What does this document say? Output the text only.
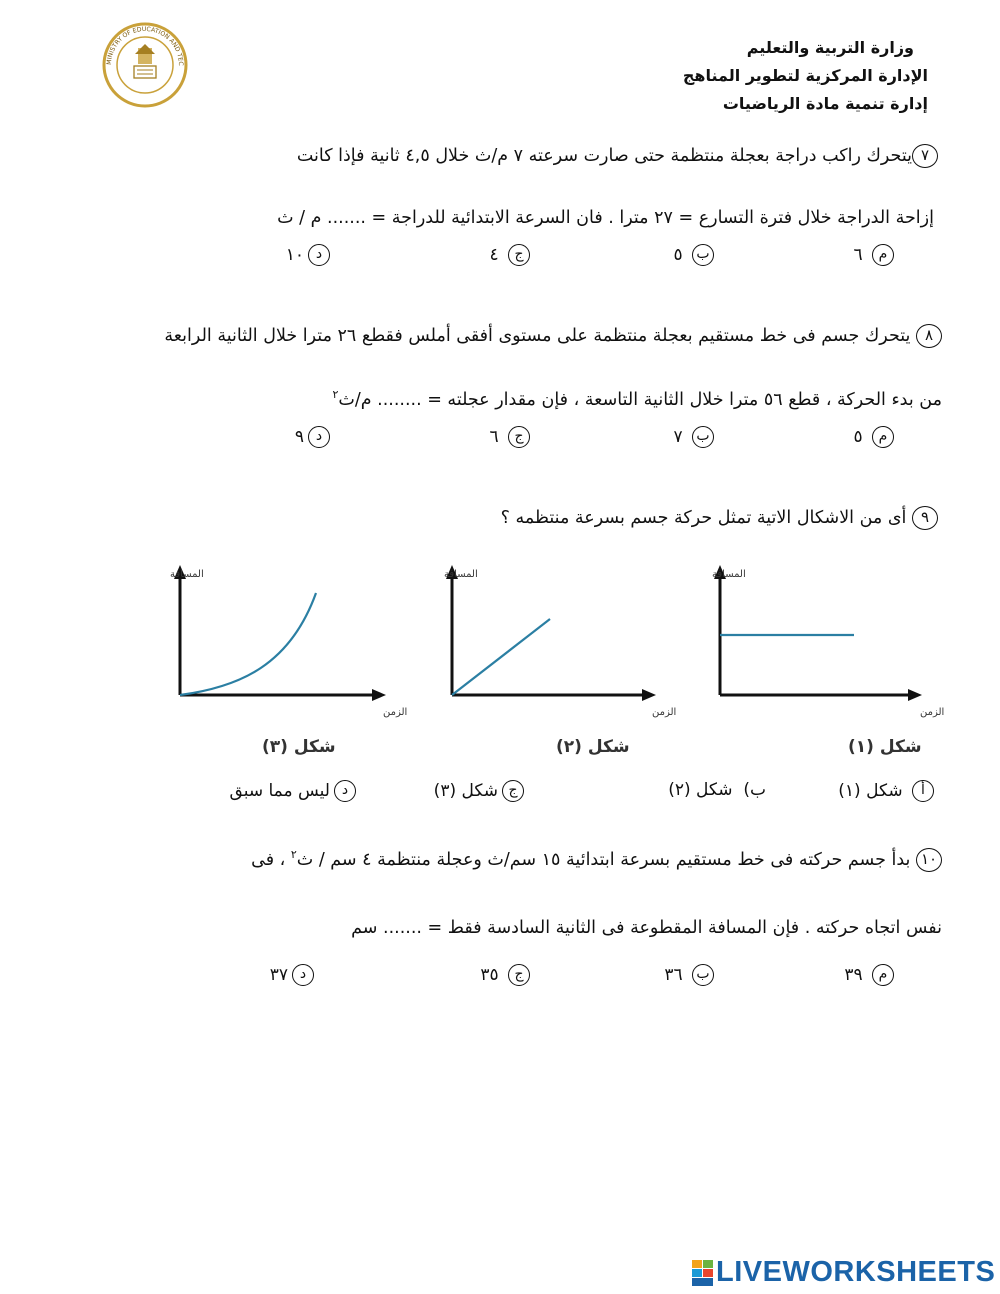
MINISTRY OF EDUCATION AND TEC
وزارة التربية والتعليم
الإدارة المركزية لتطوير المناهج
إدارة تنمية مادة الرياضيات
٧يتحرك راكب دراجة بعجلة منتظمة حتى صارت سرعته ٧ م/ث خلال ٤,٥ ثانية فإذا كانت
إزاحة الدراجة خلال فترة التسارع = ٢٧ مترا . فان السرعة الابتدائية للدراجة = ....... م / ث
م ٦
ب ٥
ج ٤
د١٠
٨ يتحرك جسم فى خط مستقيم بعجلة منتظمة على مستوى أفقى أملس فقطع ٢٦ مترا خلال الثانية الرابعة
من بدء الحركة ، قطع ٥٦ مترا خلال الثانية التاسعة ، فإن مقدار عجلته = ........ م/ث$^٢$
م ٥
ب ٧
ج ٦
د٩
٩ أى من الاشكال الاتية تمثل حركة جسم بسرعة منتظمه ؟
المسافة
الزمن
المسافة
الزمن
المسافة
الزمن
شكل (٣)	شكل (٢)	شكل (١)
أ شكل (١)
ب)  شكل (٢)
جشكل (٣)
دليس مما سبق
١٠ بدأ جسم حركته فى خط مستقيم بسرعة ابتدائية ١٥ سم/ث وعجلة منتظمة ٤ سم / ث$^٢$ ، فى
نفس اتجاه حركته . فإن المسافة المقطوعة فى الثانية السادسة فقط = ....... سم
م ٣٩
ب ٣٦
ج ٣٥
د٣٧
LIVEWORKSHEETS
